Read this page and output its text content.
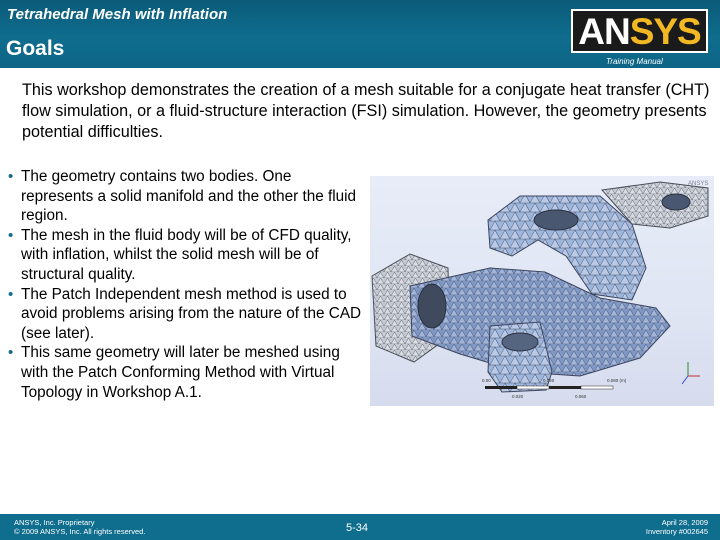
Tetrahedral Mesh with Inflation
Goals	ANSYS
Training Manual

This workshop demonstrates the creation of a mesh suitable for a conjugate heat transfer (CHT) flow simulation, or a fluid-structure interaction (FSI) simulation. However, the geometry presents potential difficulties.

• The geometry contains two bodies. One represents a solid manifold and the other the fluid region.
• The mesh in the fluid body will be of CFD quality, with inflation, whilst the solid mesh will be of structural quality.
• The Patch Independent mesh method is used to avoid problems arising from the nature of the CAD (see later).
• This same geometry will later be meshed using with the Patch Conforming Method with Virtual Topology in Workshop A.1.
ANSYS
0.00	0.040	0.080 (m)
0.020	0.060
ANSYS, Inc. Proprietary
© 2009 ANSYS, Inc. All rights reserved.	5-34	April 28, 2009
Inventory #002645
